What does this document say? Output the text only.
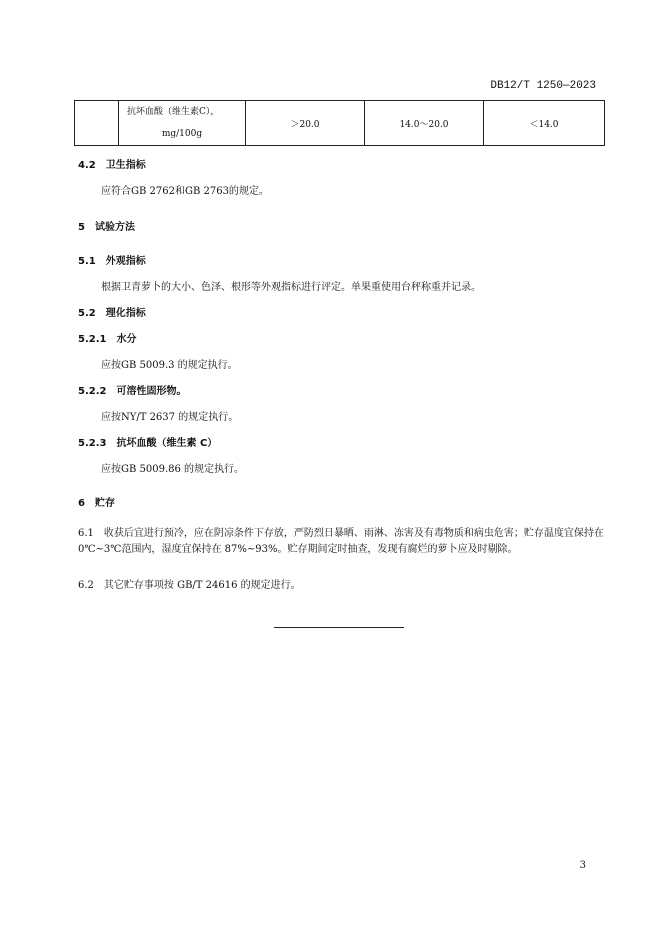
DB12/T 1250—2023

抗坏血酸（维生素C），
mg/100g
	＞20.0	14.0～20.0	＜14.0
4.2　卫生指标
应符合GB 2762和GB 2763的规定。
5　试验方法
5.1　外观指标
根据卫青萝卜的大小、色泽、根形等外观指标进行评定。单果重使用台秤称重并记录。
5.2　理化指标
5.2.1　水分
应按GB 5009.3 的规定执行。
5.2.2　可溶性固形物。
应按NY/T 2637 的规定执行。
5.2.3　抗坏血酸（维生素 C）
应按GB 5009.86 的规定执行。
6　贮存
6.1　收获后宜进行预冷，应在阴凉条件下存放，严防烈日暴晒、雨淋、冻害及有毒物质和病虫危害；贮存温度宜保持在 0℃~3℃范围内，湿度宜保持在 87%~93%。贮存期间定时抽查，发现有腐烂的萝卜应及时剔除。
6.2　其它贮存事项按 GB/T 24616 的规定进行。
3
